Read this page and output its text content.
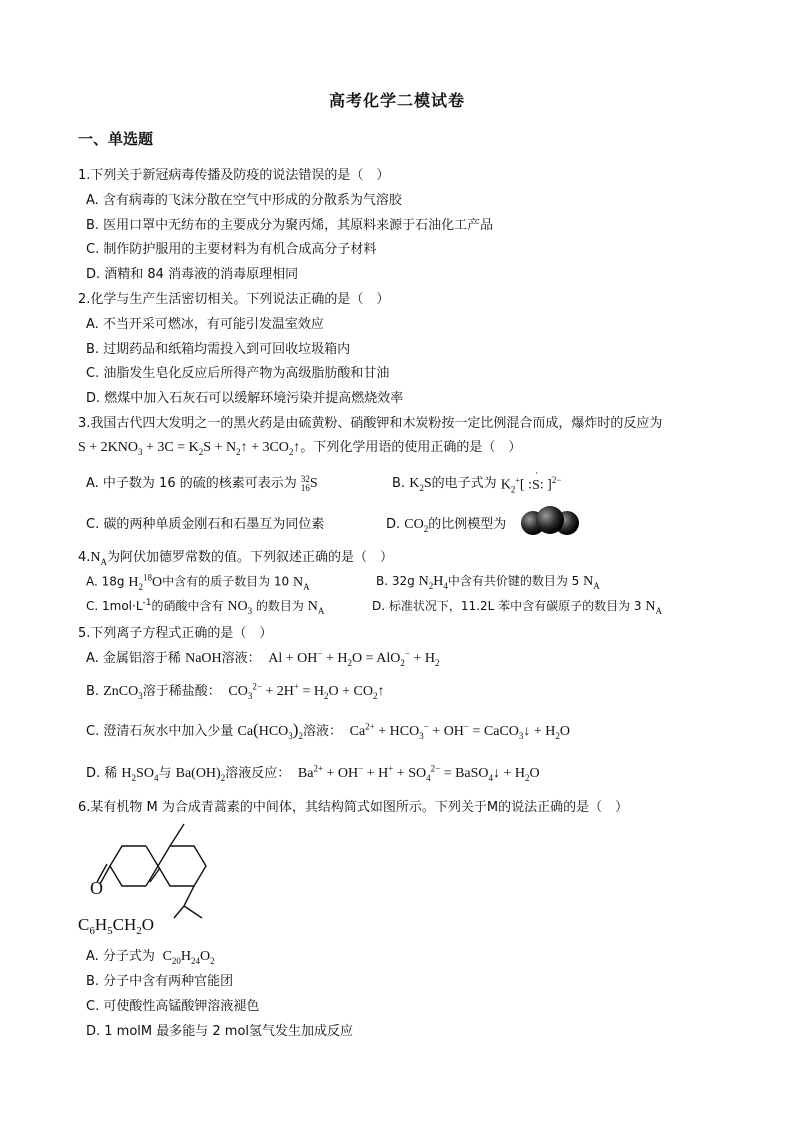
高考化学二模试卷
一、单选题
1.下列关于新冠病毒传播及防疫的说法错误的是（　）
A. 含有病毒的飞沫分散在空气中形成的分散系为气溶胶
B. 医用口罩中无纺布的主要成分为聚丙烯，其原料来源于石油化工产品
C. 制作防护服用的主要材料为有机合成高分子材料
D. 酒精和 84 消毒液的消毒原理相同
2.化学与生产生活密切相关。下列说法正确的是（　）
A. 不当开采可燃冰，有可能引发温室效应
B. 过期药品和纸箱均需投入到可回收垃圾箱内
C. 油脂发生皂化反应后所得产物为高级脂肪酸和甘油
D. 燃煤中加入石灰石可以缓解环境污染并提高燃烧效率
3.我国古代四大发明之一的黑火药是由硫黄粉、硝酸钾和木炭粉按一定比例混合而成，爆炸时的反应为
$S + 2KNO_3 + 3C = K_2S$ + $N_2↑$ + $3CO_2↑$。下列化学用语的使用正确的是（　）
A. 中子数为 16 的硫的核素可表示为 32
16 S	B. $K_2S$的电子式为 $K_2^+$[ :S
·
: ]$^{2-}$
C. 碳的两种单质金刚石和石墨互为同位素	D. $CO_2$的比例模型为
$4.N_A$为阿伏加德罗常数的值。下列叙述正确的是（　）
A. 18g $H_2^{18}O$中含有的质子数目为 10 $N_A$	B. 32g $N_2H_4$中含有共价键的数目为 5 $N_A$
C. $1mol\cdot L^{-1}$的硝酸中含有 $NO_3$ 的数目为 $N_A$	D. 标准状况下，11.2L 苯中含有碳原子的数目为 3 $N_A$
5.下列离子方程式正确的是（　）
A. 金属铝溶于稀 NaOH溶液：  $Al + OH^- + H_2O = AlO_2^- + H_2$
B. ZnCO$_3$溶于稀盐酸：  $CO_3^{2-} + 2H^+ = H_2O$ + $CO_2↑$
C. 澄清石灰水中加入少量 $Ca(HCO_3)_2$溶液：  $Ca^{2+} + HCO_3^- + OH^-$ = CaCO$_3$↓ + $H_2O$
D. 稀 $H_2SO_4$与 $Ba(OH)_2$溶液反应：  $Ba^{2+} + OH^- + H^+ + SO_4^{2-}$ = BaSO$_4$↓ + $H_2O$
6.某有机物 M 为合成青蒿素的中间体，其结构简式如图所示。下列关于M的说法正确的是（　）
O
$C_6H_5CH_2O$
A. 分子式为  $C_{20}H_{24}O_2$
B. 分子中含有两种官能团
C. 可使酸性高锰酸钾溶液褪色
D. 1 molM 最多能与 2 mol氢气发生加成反应
